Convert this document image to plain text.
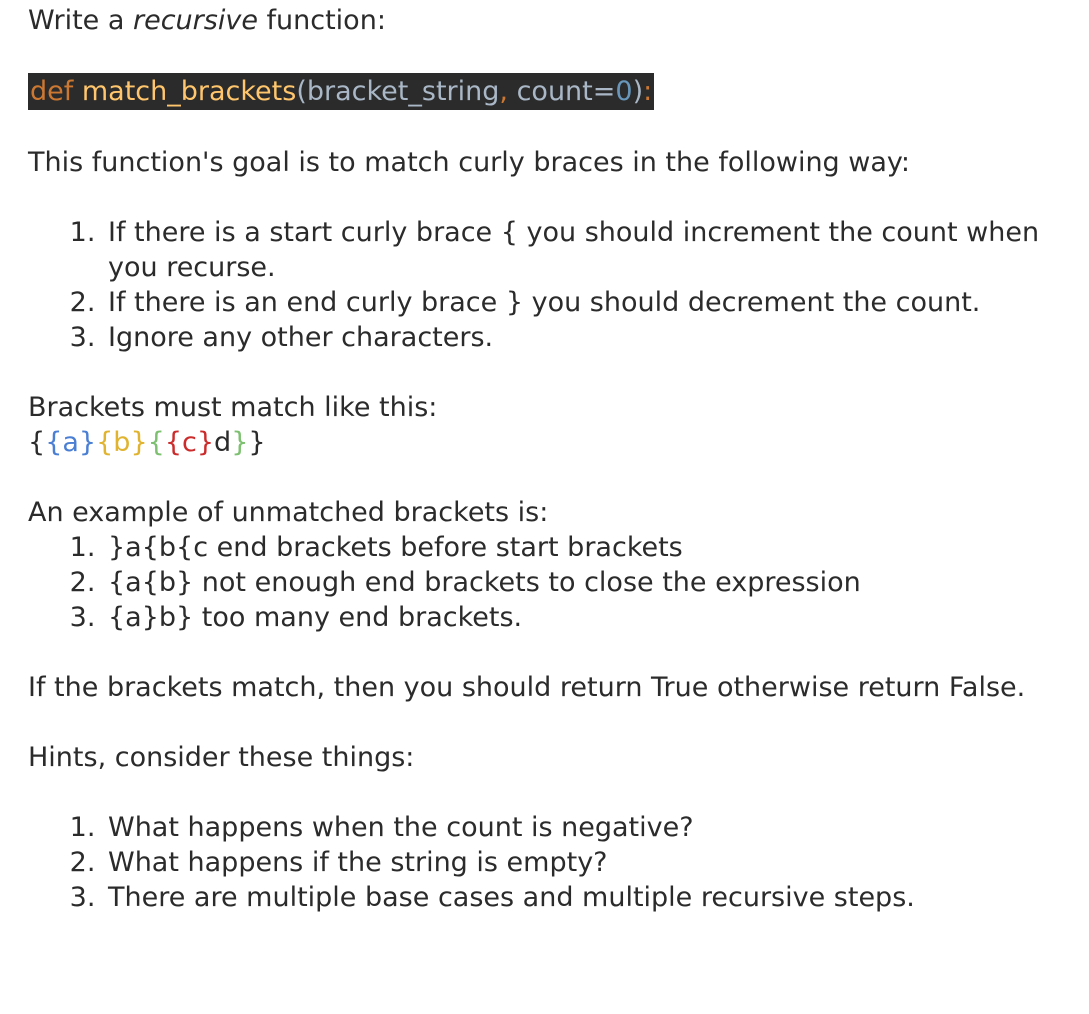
Write a recursive function:

def match_brackets(bracket_string, count=0):

This function's goal is to match curly braces in the following way:

1. If there is a start curly brace { you should increment the count when you recurse.
2. If there is an end curly brace } you should decrement the count.
3. Ignore any other characters.

Brackets must match like this:

{{a}{b}{{c}d}}

An example of unmatched brackets is:

1. }a{b{c end brackets before start brackets
2. {a{b} not enough end brackets to close the expression
3. {a}b} too many end brackets.

If the brackets match, then you should return True otherwise return False.

Hints, consider these things:

1. What happens when the count is negative?
2. What happens if the string is empty?
3. There are multiple base cases and multiple recursive steps.
